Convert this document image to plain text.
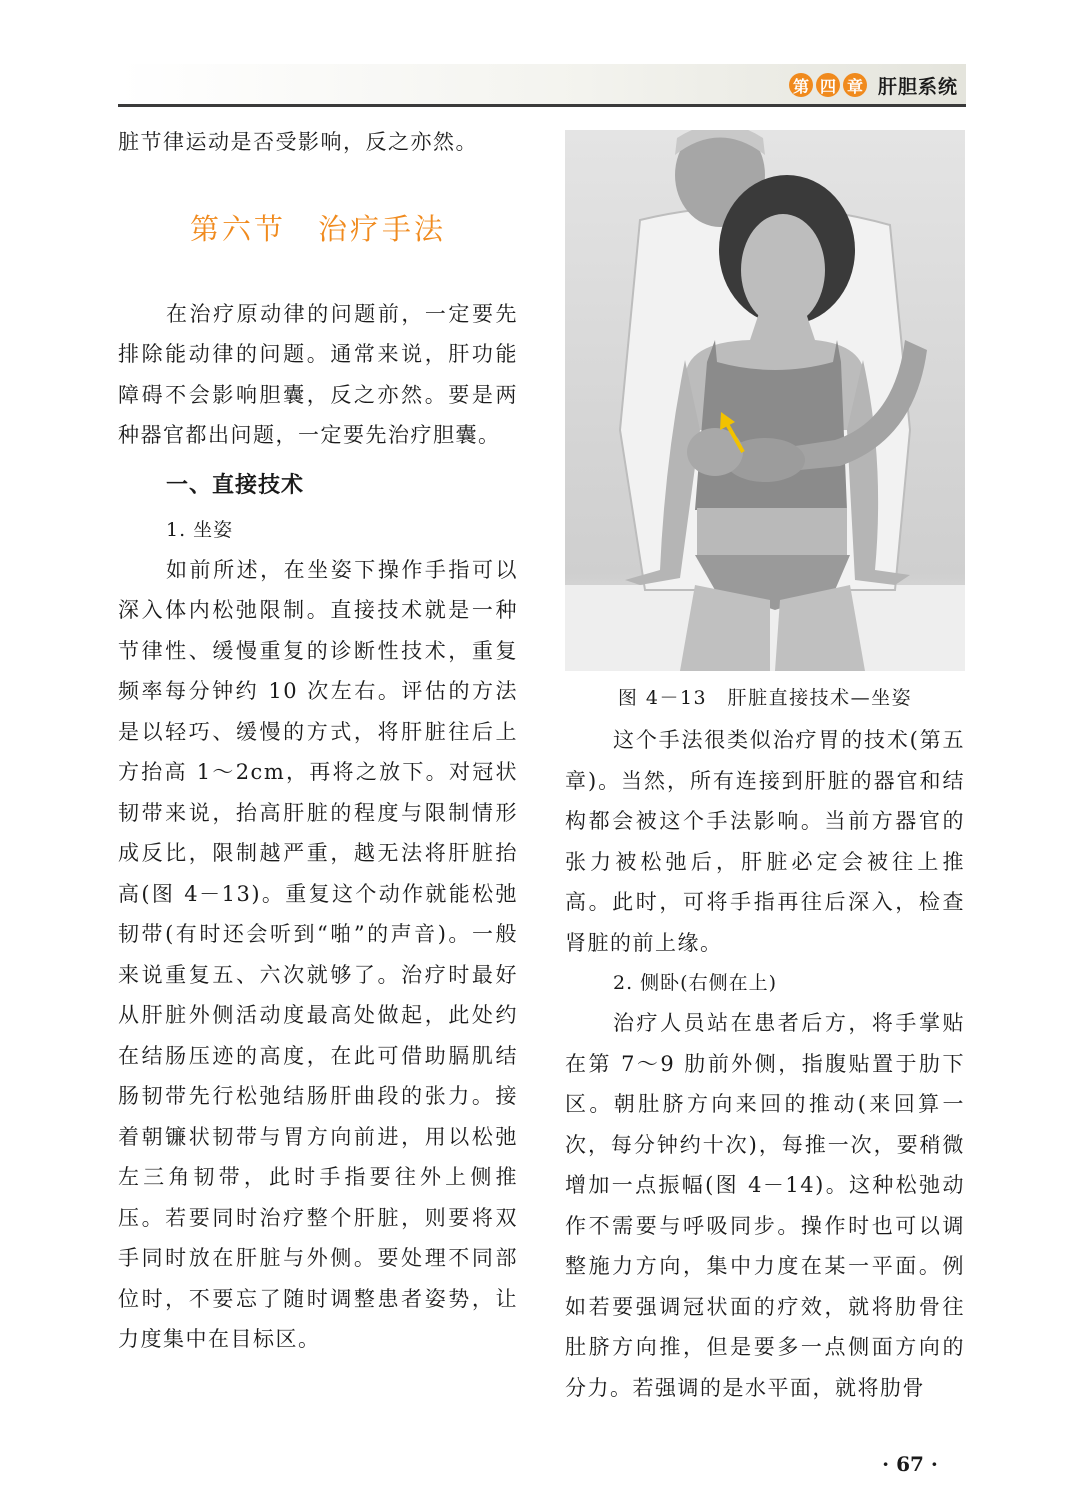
第 四 章 肝胆系统

脏节律运动是否受影响，反之亦然。

第六节　治疗手法

在治疗原动律的问题前，一定要先排除能动律的问题。通常来说，肝功能障碍不会影响胆囊，反之亦然。要是两种器官都出问题，一定要先治疗胆囊。

一、直接技术
1. 坐姿

如前所述，在坐姿下操作手指可以深入体内松弛限制。直接技术就是一种节律性、缓慢重复的诊断性技术，重复频率每分钟约 10 次左右。评估的方法是以轻巧、缓慢的方式，将肝脏往后上方抬高 1～2cm，再将之放下。对冠状韧带来说，抬高肝脏的程度与限制情形成反比，限制越严重，越无法将肝脏抬高(图 4－13)。重复这个动作就能松弛韧带(有时还会听到“啪”的声音)。一般来说重复五、六次就够了。治疗时最好从肝脏外侧活动度最高处做起，此处约在结肠压迹的高度，在此可借助膈肌结肠韧带先行松弛结肠肝曲段的张力。接着朝镰状韧带与胃方向前进，用以松弛左三角韧带，此时手指要往外上侧推压。若要同时治疗整个肝脏，则要将双手同时放在肝脏与外侧。要处理不同部位时，不要忘了随时调整患者姿势，让力度集中在目标区。

图 4－13　肝脏直接技术—坐姿

这个手法很类似治疗胃的技术(第五章)。当然，所有连接到肝脏的器官和结构都会被这个手法影响。当前方器官的张力被松弛后，肝脏必定会被往上推高。此时，可将手指再往后深入，检查肾脏的前上缘。

2. 侧卧(右侧在上)

治疗人员站在患者后方，将手掌贴在第 7～9 肋前外侧，指腹贴置于肋下区。朝肚脐方向来回的推动(来回算一次，每分钟约十次)，每推一次，要稍微增加一点振幅(图 4－14)。这种松弛动作不需要与呼吸同步。操作时也可以调整施力方向，集中力度在某一平面。例如若要强调冠状面的疗效，就将肋骨往肚脐方向推，但是要多一点侧面方向的分力。若强调的是水平面，就将肋骨

· 67 ·
